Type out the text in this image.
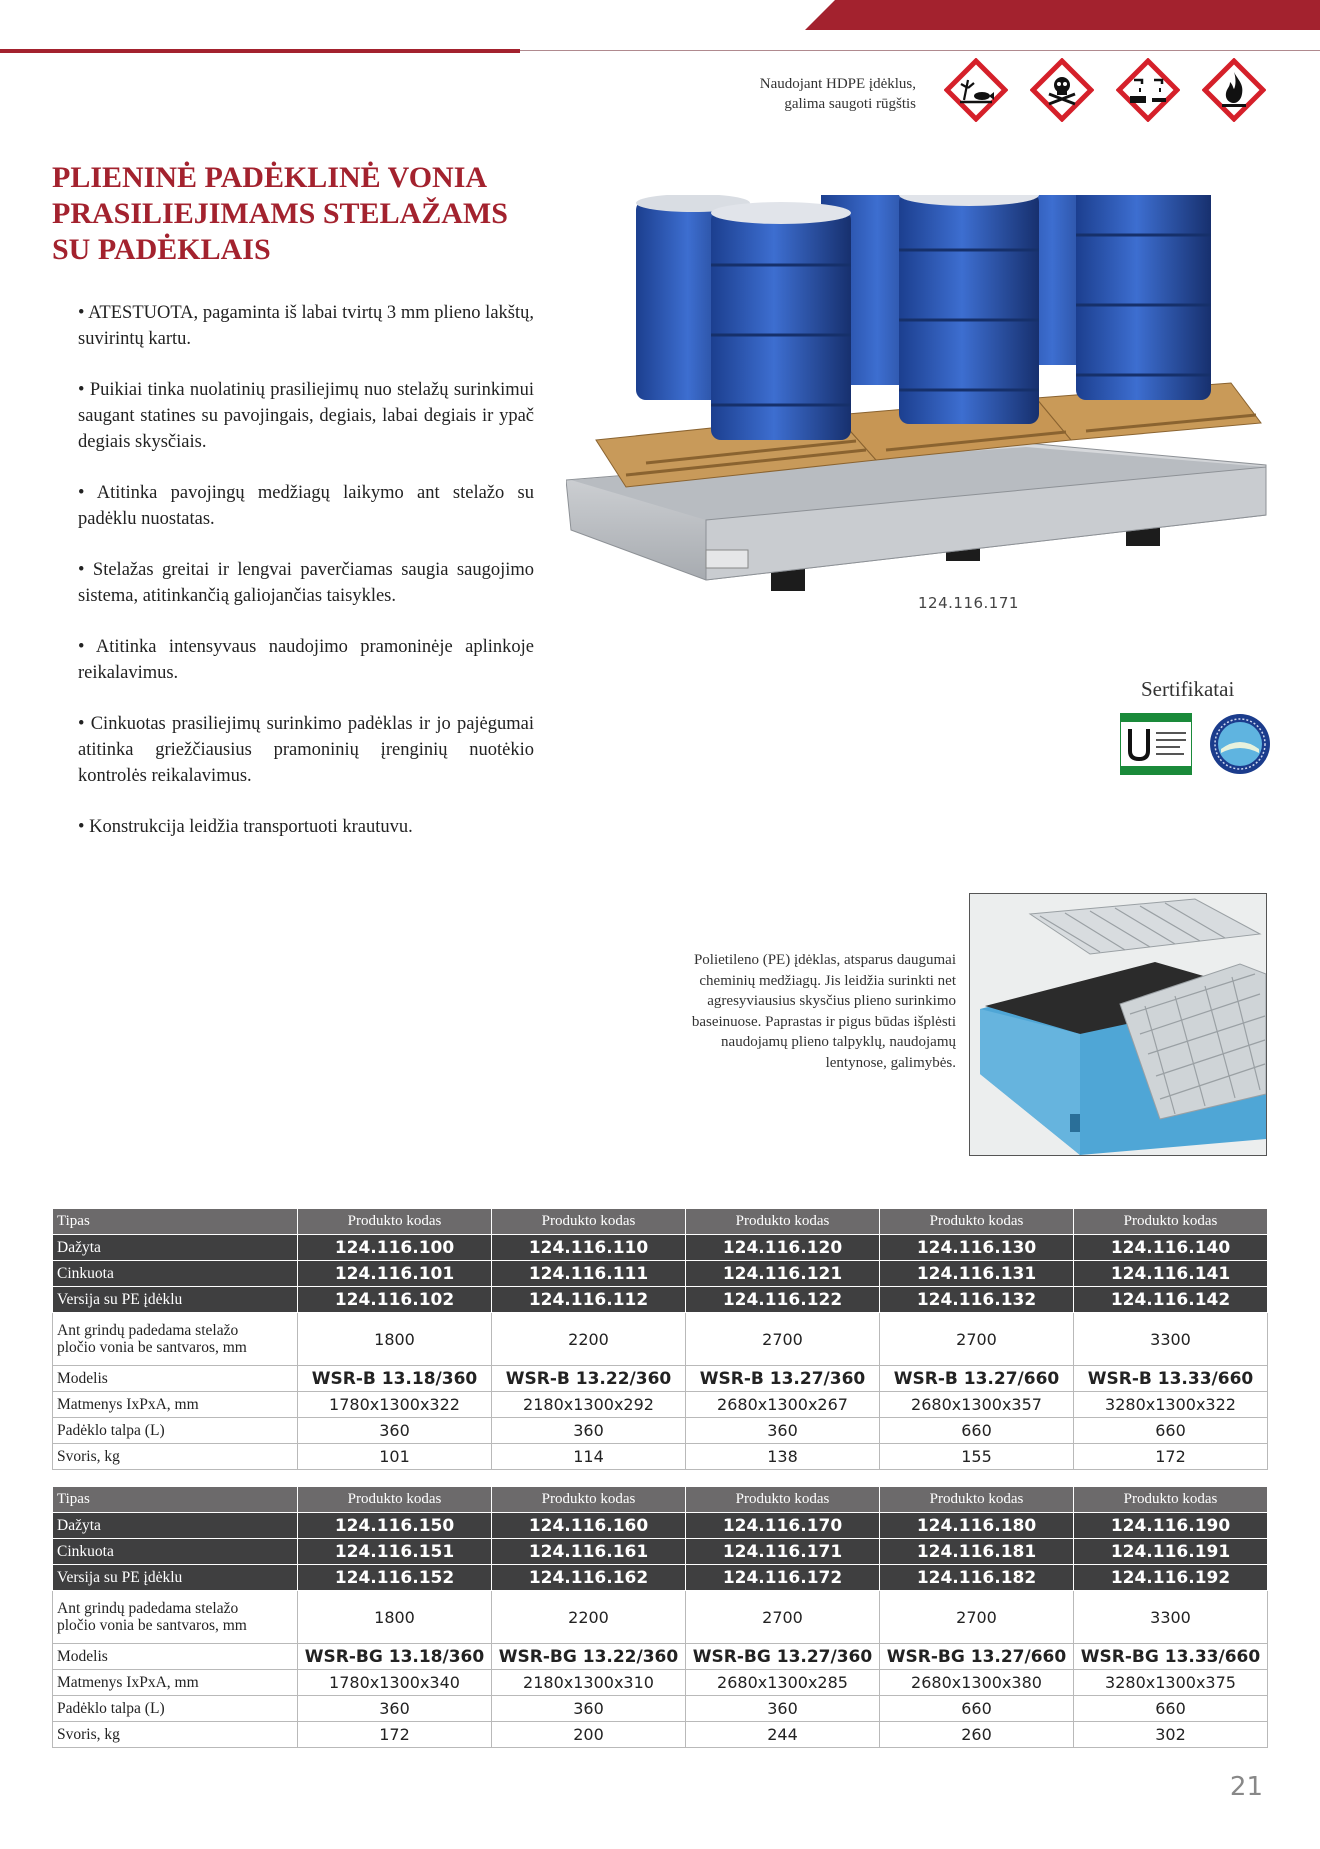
Naudojant HDPE įdėklus,
galima saugoti rūgštis
PLIENINĖ PADĖKLINĖ VONIA
PRASILIEJIMAMS STELAŽAMS
SU PADĖKLAIS
• ATESTUOTA, pagaminta iš labai tvirtų 3 mm plieno lakštų, suvirintų kartu.
• Puikiai tinka nuolatinių prasiliejimų nuo stelažų surinkimui saugant statines su pavojingais, degiais, labai degiais ir ypač degiais skysčiais.
• Atitinka pavojingų medžiagų laikymo ant stelažo su padėklu nuostatas.
• Stelažas greitai ir lengvai paverčiamas saugia saugojimo sistema, atitinkančią galiojančias taisykles.
• Atitinka intensyvaus naudojimo pramoninėje aplinkoje reikalavimus.
• Cinkuotas prasiliejimų surinkimo padėklas ir jo pajėgumai atitinka griežčiausius pramoninių įrenginių nuotėkio kontrolės reikalavimus.
• Konstrukcija leidžia transportuoti krautuvu.
124.116.171
Sertifikatai
Polietileno (PE) įdėklas, atsparus daugumai cheminių medžiagų. Jis leidžia surinkti net agresyviausius skysčius plieno surinkimo baseinuose. Paprastas ir pigus būdas išplėsti naudojamų plieno talpyklų, naudojamų lentynose, galimybės.
Tipas	Produkto kodas	Produkto kodas	Produkto kodas	Produkto kodas	Produkto kodas
Dažyta	124.116.100	124.116.110	124.116.120	124.116.130	124.116.140
Cinkuota	124.116.101	124.116.111	124.116.121	124.116.131	124.116.141
Versija su PE įdėklu	124.116.102	124.116.112	124.116.122	124.116.132	124.116.142

Ant grindų padedama stelažo
pločio vonia be santvaros, mm	1800	2200	2700	2700	3300
Modelis	WSR-B 13.18/360	WSR-B 13.22/360	WSR-B 13.27/360	WSR-B 13.27/660	WSR-B 13.33/660
Matmenys IxPxA, mm	1780x1300x322	2180x1300x292	2680x1300x267	2680x1300x357	3280x1300x322
Padėklo talpa (L)	360	360	360	660	660
Svoris, kg	101	114	138	155	172
Tipas	Produkto kodas	Produkto kodas	Produkto kodas	Produkto kodas	Produkto kodas
Dažyta	124.116.150	124.116.160	124.116.170	124.116.180	124.116.190
Cinkuota	124.116.151	124.116.161	124.116.171	124.116.181	124.116.191
Versija su PE įdėklu	124.116.152	124.116.162	124.116.172	124.116.182	124.116.192

Ant grindų padedama stelažo
pločio vonia be santvaros, mm	1800	2200	2700	2700	3300
Modelis	WSR-BG 13.18/360	WSR-BG 13.22/360	WSR-BG 13.27/360	WSR-BG 13.27/660	WSR-BG 13.33/660
Matmenys IxPxA, mm	1780x1300x340	2180x1300x310	2680x1300x285	2680x1300x380	3280x1300x375
Padėklo talpa (L)	360	360	360	660	660
Svoris, kg	172	200	244	260	302
21
